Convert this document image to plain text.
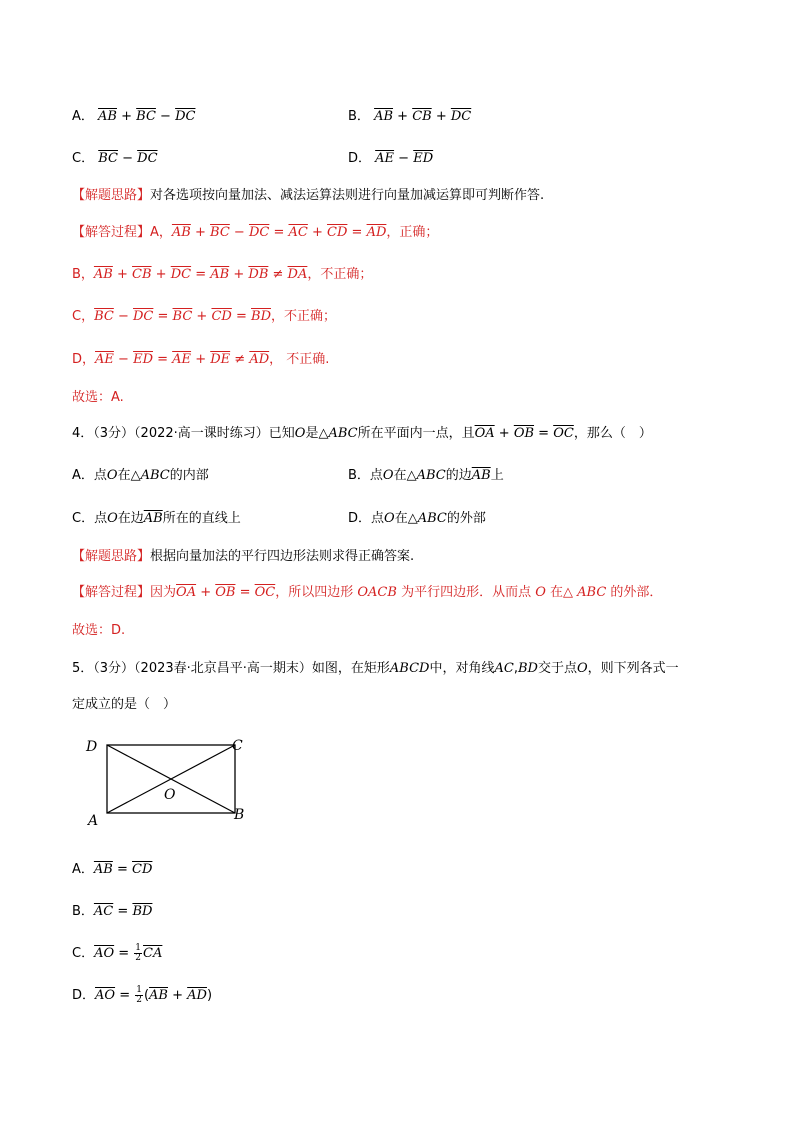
A． $\overline{AB} + \overline{BC} - \overline{DC}$	B． $\overline{AB} + \overline{CB} + \overline{DC}$
C． $\overline{BC} - \overline{DC}$	D． $\overline{AE} - \overline{ED}$
【解题思路】对各选项按向量加法、减法运算法则进行向量加减运算即可判断作答.
【解答过程】A，$\overline{AB} + \overline{BC} - \overline{DC} = \overline{AC} + \overline{CD} = \overline{AD}$，正确；
B，$\overline{AB} + \overline{CB} + \overline{DC} = \overline{AB} + \overline{DB} \ne \overline{DA}$，不正确；
C，$\overline{BC} - \overline{DC} = \overline{BC} + \overline{CD} = \overline{BD}$，不正确；
D，$\overline{AE} - \overline{ED} = \overline{AE} + \overline{DE} \ne \overline{AD}$， 不正确.
故选：A.
4．（3分）（2022·高一课时练习）已知O是△ABC所在平面内一点，且$\overline{OA} + \overline{OB} = \overline{OC}$，那么（　）
A．点O在△ABC的内部	B．点O在△ABC的边$\overline{AB}$上
C．点O在边$\overline{AB}$所在的直线上	D．点O在△ABC的外部
【解题思路】根据向量加法的平行四边形法则求得正确答案.
【解答过程】因为$\overline{OA} + \overline{OB} = \overline{OC}$，所以四边形 OACB 为平行四边形．从而点 O 在△ ABC 的外部．
故选：D.
5．（3分）（2023春·北京昌平·高一期末）如图，在矩形ABCD中，对角线AC,BD交于点O，则下列各式一
定成立的是（　）
D	C
O
A	B
A．$\overline{AB} = \overline{CD}$
B．$\overline{AC} = \overline{BD}$
C．$\overline{AO} = \frac{1}{2} \overline{CA}$
D．$\overline{AO} = \frac{1}{2} (\overline{AB} + \overline{AD})$
